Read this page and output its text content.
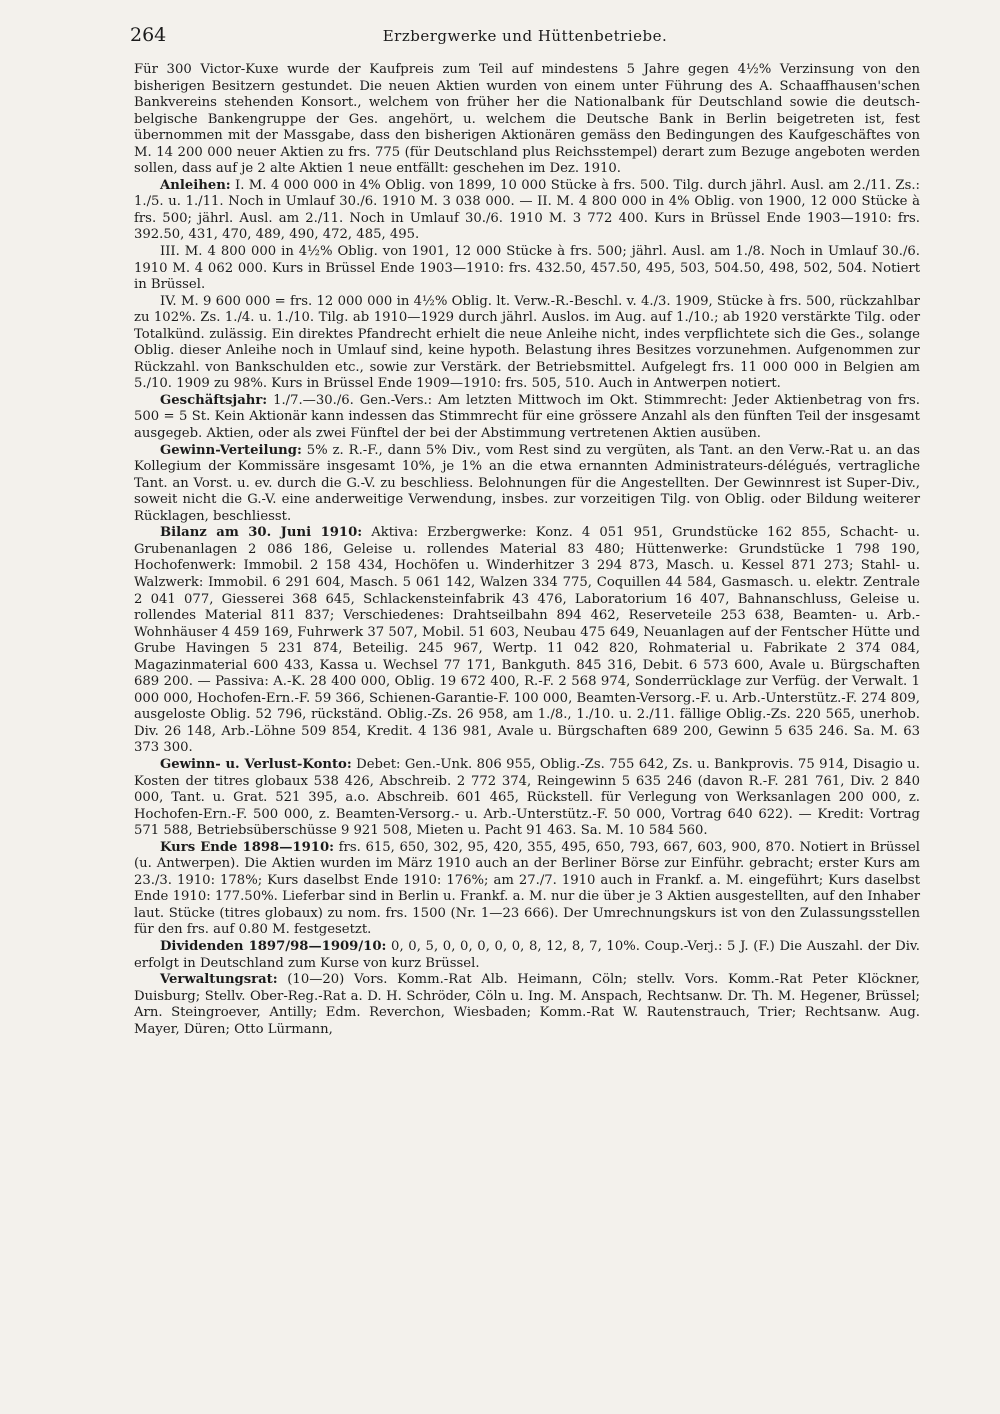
264	Erzbergwerke und Hüttenbetriebe.

Für 300 Victor-Kuxe wurde der Kaufpreis zum Teil auf mindestens 5 Jahre gegen 4½% Verzinsung von den bisherigen Besitzern gestundet. Die neuen Aktien wurden von einem unter Führung des A. Schaaffhausen'schen Bankvereins stehenden Konsort., welchem von früher her die Nationalbank für Deutschland sowie die deutsch-belgische Bankengruppe der Ges. angehört, u. welchem die Deutsche Bank in Berlin beigetreten ist, fest übernommen mit der Massgabe, dass den bisherigen Aktionären gemäss den Bedingungen des Kaufgeschäftes von M. 14 200 000 neuer Aktien zu frs. 775 (für Deutschland plus Reichsstempel) derart zum Bezuge angeboten werden sollen, dass auf je 2 alte Aktien 1 neue entfällt: geschehen im Dez. 1910.

Anleihen: I. M. 4 000 000 in 4% Oblig. von 1899, 10 000 Stücke à frs. 500. Tilg. durch jährl. Ausl. am 2./11. Zs.: 1./5. u. 1./11. Noch in Umlauf 30./6. 1910 M. 3 038 000. — II. M. 4 800 000 in 4% Oblig. von 1900, 12 000 Stücke à frs. 500; jährl. Ausl. am 2./11. Noch in Umlauf 30./6. 1910 M. 3 772 400. Kurs in Brüssel Ende 1903—1910: frs. 392.50, 431, 470, 489, 490, 472, 485, 495.

III. M. 4 800 000 in 4½% Oblig. von 1901, 12 000 Stücke à frs. 500; jährl. Ausl. am 1./8. Noch in Umlauf 30./6. 1910 M. 4 062 000. Kurs in Brüssel Ende 1903—1910: frs. 432.50, 457.50, 495, 503, 504.50, 498, 502, 504. Notiert in Brüssel.

IV. M. 9 600 000 = frs. 12 000 000 in 4½% Oblig. lt. Verw.-R.-Beschl. v. 4./3. 1909, Stücke à frs. 500, rückzahlbar zu 102%. Zs. 1./4. u. 1./10. Tilg. ab 1910—1929 durch jährl. Auslos. im Aug. auf 1./10.; ab 1920 verstärkte Tilg. oder Totalkünd. zulässig. Ein direktes Pfandrecht erhielt die neue Anleihe nicht, indes verpflichtete sich die Ges., solange Oblig. dieser Anleihe noch in Umlauf sind, keine hypoth. Belastung ihres Besitzes vorzunehmen. Aufgenommen zur Rückzahl. von Bankschulden etc., sowie zur Verstärk. der Betriebsmittel. Aufgelegt frs. 11 000 000 in Belgien am 5./10. 1909 zu 98%. Kurs in Brüssel Ende 1909—1910: frs. 505, 510. Auch in Antwerpen notiert.

Geschäftsjahr: 1./7.—30./6. Gen.-Vers.: Am letzten Mittwoch im Okt. Stimmrecht: Jeder Aktienbetrag von frs. 500 = 5 St. Kein Aktionär kann indessen das Stimmrecht für eine grössere Anzahl als den fünften Teil der insgesamt ausgegeb. Aktien, oder als zwei Fünftel der bei der Abstimmung vertretenen Aktien ausüben.

Gewinn-Verteilung: 5% z. R.-F., dann 5% Div., vom Rest sind zu vergüten, als Tant. an den Verw.-Rat u. an das Kollegium der Kommissäre insgesamt 10%, je 1% an die etwa ernannten Administrateurs-délégués, vertragliche Tant. an Vorst. u. ev. durch die G.-V. zu beschliess. Belohnungen für die Angestellten. Der Gewinnrest ist Super-Div., soweit nicht die G.-V. eine anderweitige Verwendung, insbes. zur vorzeitigen Tilg. von Oblig. oder Bildung weiterer Rücklagen, beschliesst.

Bilanz am 30. Juni 1910: Aktiva: Erzbergwerke: Konz. 4 051 951, Grundstücke 162 855, Schacht- u. Grubenanlagen 2 086 186, Geleise u. rollendes Material 83 480; Hüttenwerke: Grundstücke 1 798 190, Hochofenwerk: Immobil. 2 158 434, Hochöfen u. Winderhitzer 3 294 873, Masch. u. Kessel 871 273; Stahl- u. Walzwerk: Immobil. 6 291 604, Masch. 5 061 142, Walzen 334 775, Coquillen 44 584, Gasmasch. u. elektr. Zentrale 2 041 077, Giesserei 368 645, Schlackensteinfabrik 43 476, Laboratorium 16 407, Bahnanschluss, Geleise u. rollendes Material 811 837; Verschiedenes: Drahtseilbahn 894 462, Reserveteile 253 638, Beamten- u. Arb.-Wohnhäuser 4 459 169, Fuhrwerk 37 507, Mobil. 51 603, Neubau 475 649, Neuanlagen auf der Fentscher Hütte und Grube Havingen 5 231 874, Beteilig. 245 967, Wertp. 11 042 820, Rohmaterial u. Fabrikate 2 374 084, Magazinmaterial 600 433, Kassa u. Wechsel 77 171, Bankguth. 845 316, Debit. 6 573 600, Avale u. Bürgschaften 689 200. — Passiva: A.-K. 28 400 000, Oblig. 19 672 400, R.-F. 2 568 974, Sonderrücklage zur Verfüg. der Verwalt. 1 000 000, Hochofen-Ern.-F. 59 366, Schienen-Garantie-F. 100 000, Beamten-Versorg.-F. u. Arb.-Unterstütz.-F. 274 809, ausgeloste Oblig. 52 796, rückständ. Oblig.-Zs. 26 958, am 1./8., 1./10. u. 2./11. fällige Oblig.-Zs. 220 565, unerhob. Div. 26 148, Arb.-Löhne 509 854, Kredit. 4 136 981, Avale u. Bürgschaften 689 200, Gewinn 5 635 246. Sa. M. 63 373 300.

Gewinn- u. Verlust-Konto: Debet: Gen.-Unk. 806 955, Oblig.-Zs. 755 642, Zs. u. Bankprovis. 75 914, Disagio u. Kosten der titres globaux 538 426, Abschreib. 2 772 374, Reingewinn 5 635 246 (davon R.-F. 281 761, Div. 2 840 000, Tant. u. Grat. 521 395, a.o. Abschreib. 601 465, Rückstell. für Verlegung von Werksanlagen 200 000, z. Hochofen-Ern.-F. 500 000, z. Beamten-Versorg.- u. Arb.-Unterstütz.-F. 50 000, Vortrag 640 622). — Kredit: Vortrag 571 588, Betriebsüberschüsse 9 921 508, Mieten u. Pacht 91 463. Sa. M. 10 584 560.

Kurs Ende 1898—1910: frs. 615, 650, 302, 95, 420, 355, 495, 650, 793, 667, 603, 900, 870. Notiert in Brüssel (u. Antwerpen). Die Aktien wurden im März 1910 auch an der Berliner Börse zur Einführ. gebracht; erster Kurs am 23./3. 1910: 178%; Kurs daselbst Ende 1910: 176%; am 27./7. 1910 auch in Frankf. a. M. eingeführt; Kurs daselbst Ende 1910: 177.50%. Lieferbar sind in Berlin u. Frankf. a. M. nur die über je 3 Aktien ausgestellten, auf den Inhaber laut. Stücke (titres globaux) zu nom. frs. 1500 (Nr. 1—23 666). Der Umrechnungskurs ist von den Zulassungsstellen für den frs. auf 0.80 M. festgesetzt.

Dividenden 1897/98—1909/10: 0, 0, 5, 0, 0, 0, 0, 0, 8, 12, 8, 7, 10%. Coup.-Verj.: 5 J. (F.) Die Auszahl. der Div. erfolgt in Deutschland zum Kurse von kurz Brüssel.

Verwaltungsrat: (10—20) Vors. Komm.-Rat Alb. Heimann, Cöln; stellv. Vors. Komm.-Rat Peter Klöckner, Duisburg; Stellv. Ober-Reg.-Rat a. D. H. Schröder, Cöln u. Ing. M. Anspach, Rechtsanw. Dr. Th. M. Hegener, Brüssel; Arn. Steingroever, Antilly; Edm. Reverchon, Wiesbaden; Komm.-Rat W. Rautenstrauch, Trier; Rechtsanw. Aug. Mayer, Düren; Otto Lürmann,
